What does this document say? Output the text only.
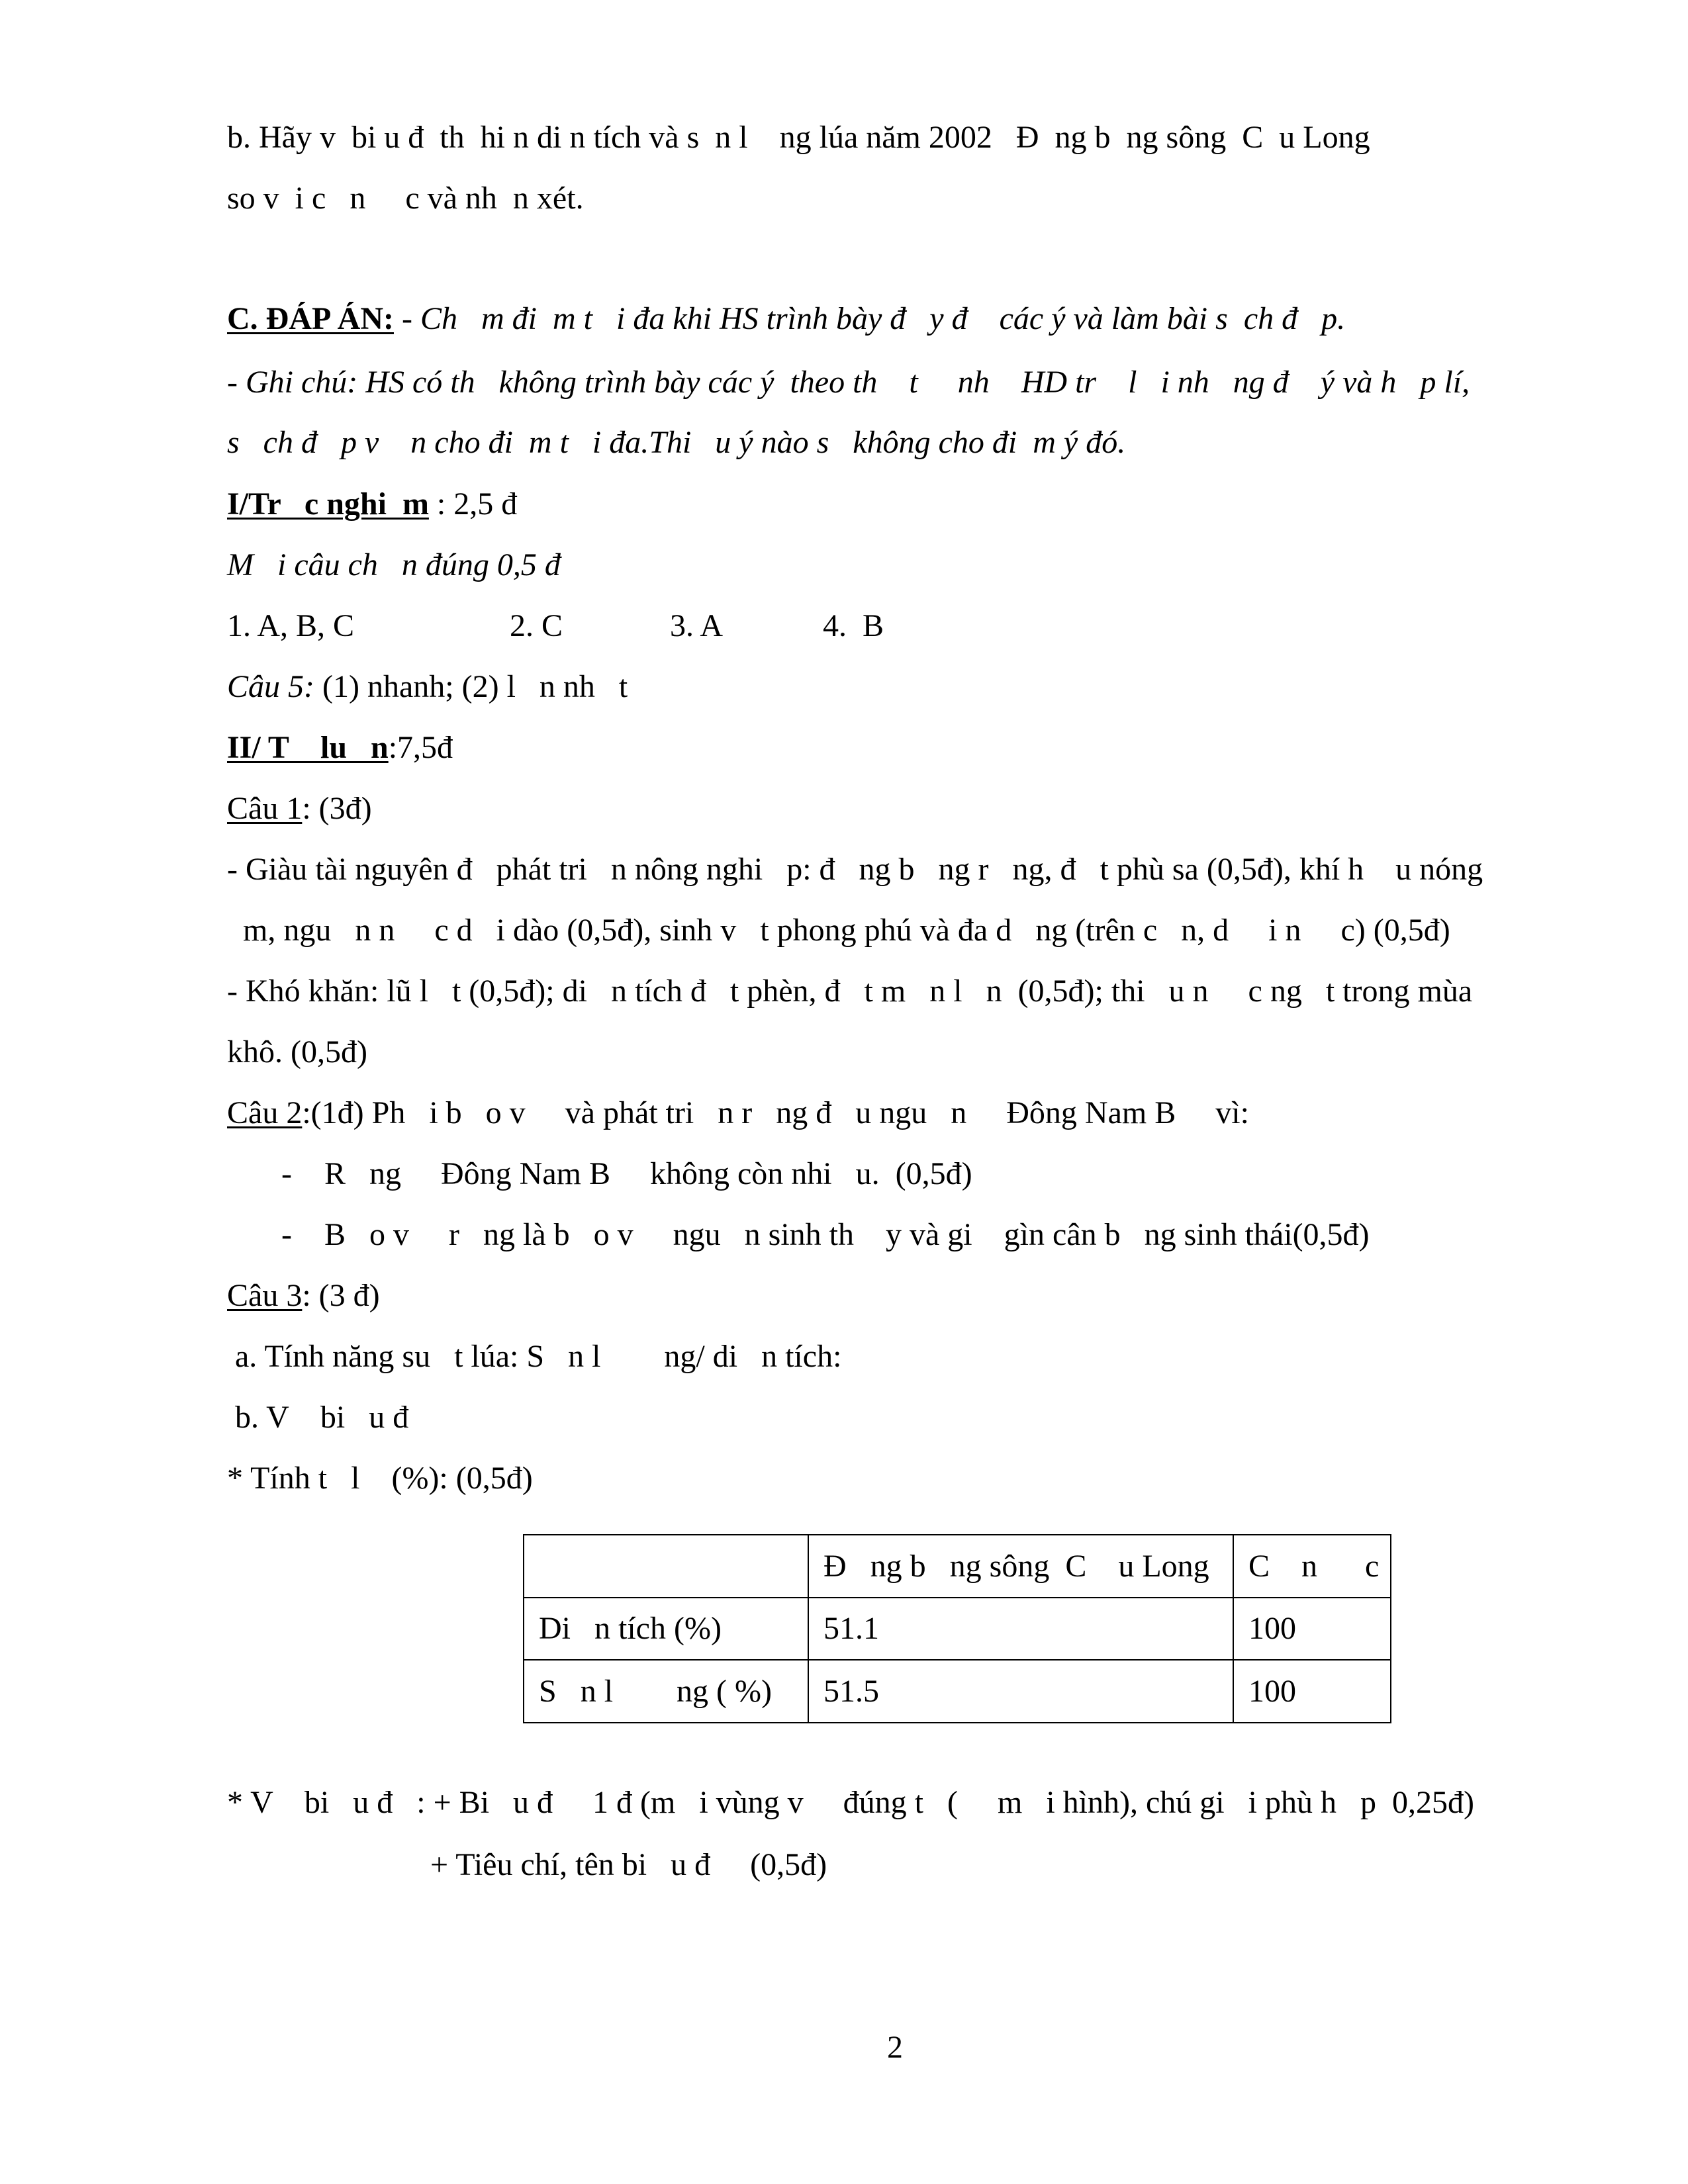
b. Hãy v  bi u đ  th  hi n di n tích và s  n l    ng lúa năm 2002   Đ  ng b  ng sông  C  u Long
so v  i c   n     c và nh  n xét.
C. ĐÁP ÁN: - Ch   m đi  m t   i đa khi HS trình bày đ   y đ    các ý và làm bài s  ch đ   p.
- Ghi chú: HS có th   không trình bày các ý  theo th    t     nh    HD tr    l   i nh   ng đ    ý và h   p lí,
s   ch đ   p v    n cho đi  m t   i đa.Thi   u ý nào s   không cho đi  m ý đó.
I/Tr   c nghi  m : 2,5 đ
M   i câu ch   n đúng 0,5 đ
1. A, B, C	2. C	3. A	4.  B
Câu 5: (1) nhanh; (2) l   n nh   t
II/ T    lu   n:7,5đ
Câu 1: (3đ)
- Giàu tài nguyên đ   phát tri   n nông nghi   p: đ   ng b   ng r   ng, đ   t phù sa (0,5đ), khí h    u nóng
m, ngu   n n     c d   i dào (0,5đ), sinh v   t phong phú và đa d   ng (trên c   n, d     i n     c) (0,5đ)
- Khó khăn: lũ l   t (0,5đ); di   n tích đ   t phèn, đ   t m   n l   n  (0,5đ); thi   u n     c ng   t trong mùa
khô. (0,5đ)
Câu 2:(1đ) Ph   i b   o v     và phát tri   n r   ng đ   u ngu   n     Đông Nam B     vì:
- R   ng     Đông Nam B     không còn nhi   u.  (0,5đ)
- B   o v     r   ng là b   o v     ngu   n sinh th    y và gi    gìn cân b   ng sinh thái(0,5đ)
Câu 3: (3 đ)
a. Tính năng su   t lúa: S   n l        ng/ di   n tích:
b. V    bi   u đ
* Tính t   l    (%): (0,5đ)
	Đ   ng b   ng sông  C    u Long	C    n      c
Di   n tích (%)	51.1	100
S   n l        ng ( %)	51.5	100
* V    bi   u đ   : + Bi   u đ     1 đ (m   i vùng v     đúng t   (     m   i hình), chú gi   i phù h   p  0,25đ)
+ Tiêu chí, tên bi   u đ     (0,5đ)
2
